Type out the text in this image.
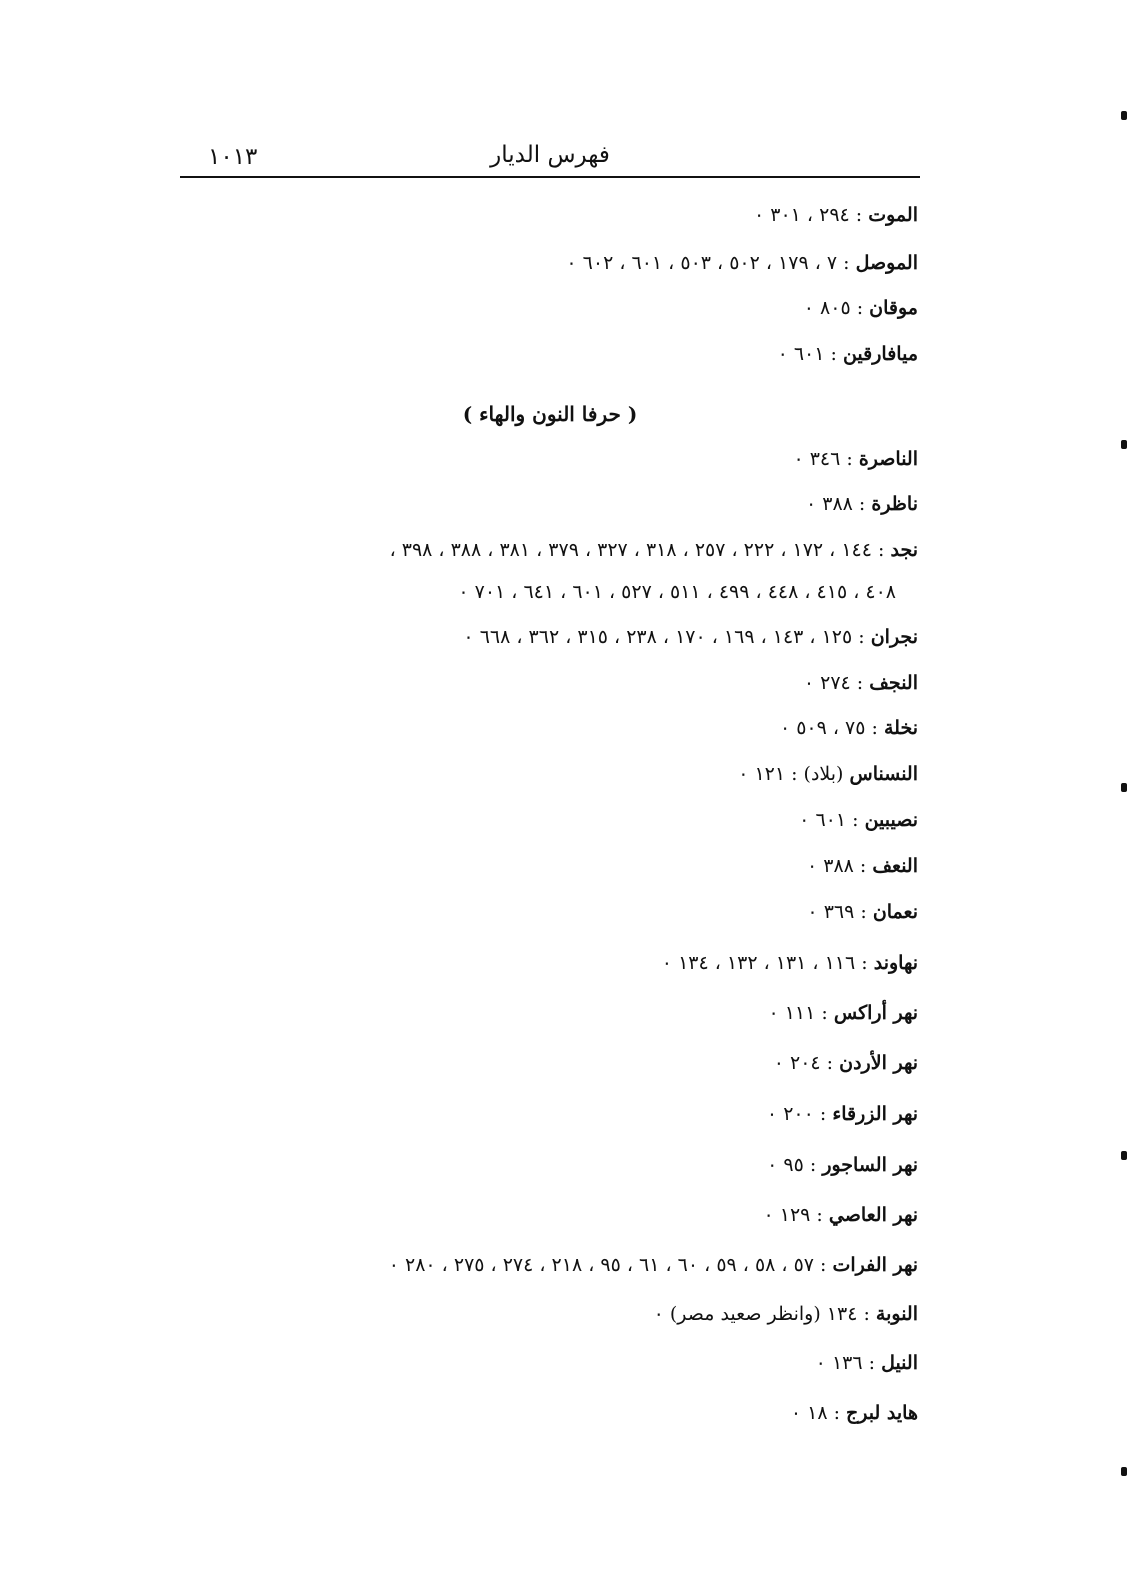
١٠١٣	فهرس الديار
الموت : ٢٩٤ ، ٣٠١ ٠
الموصل : ٧ ، ١٧٩ ، ٥٠٢ ، ٥٠٣ ، ٦٠١ ، ٦٠٢ ٠
موقان : ٨٠٥ ٠
ميافارقين : ٦٠١ ٠
( حرفا النون والهاء )
الناصرة : ٣٤٦ ٠
ناظرة : ٣٨٨ ٠
نجد : ١٤٤ ، ١٧٢ ، ٢٢٢ ، ٢٥٧ ، ٣١٨ ، ٣٢٧ ، ٣٧٩ ، ٣٨١ ، ٣٨٨ ، ٣٩٨ ،
٤٠٨ ، ٤١٥ ، ٤٤٨ ، ٤٩٩ ، ٥١١ ، ٥٢٧ ، ٦٠١ ، ٦٤١ ، ٧٠١ ٠
نجران : ١٢٥ ، ١٤٣ ، ١٦٩ ، ١٧٠ ، ٢٣٨ ، ٣١٥ ، ٣٦٢ ، ٦٦٨ ٠
النجف : ٢٧٤ ٠
نخلة : ٧٥ ، ٥٠٩ ٠
النسناس (بلاد) : ١٢١ ٠
نصيبين : ٦٠١ ٠
النعف : ٣٨٨ ٠
نعمان : ٣٦٩ ٠
نهاوند : ١١٦ ، ١٣١ ، ١٣٢ ، ١٣٤ ٠
نهر أراكس : ١١١ ٠
نهر الأردن : ٢٠٤ ٠
نهر الزرقاء : ٢٠٠ ٠
نهر الساجور : ٩٥ ٠
نهر العاصي : ١٢٩ ٠
نهر الفرات : ٥٧ ، ٥٨ ، ٥٩ ، ٦٠ ، ٦١ ، ٩٥ ، ٢١٨ ، ٢٧٤ ، ٢٧٥ ، ٢٨٠ ٠
النوبة : ١٣٤ (وانظر صعيد مصر) ٠
النيل : ١٣٦ ٠
هايد لبرج : ١٨ ٠
